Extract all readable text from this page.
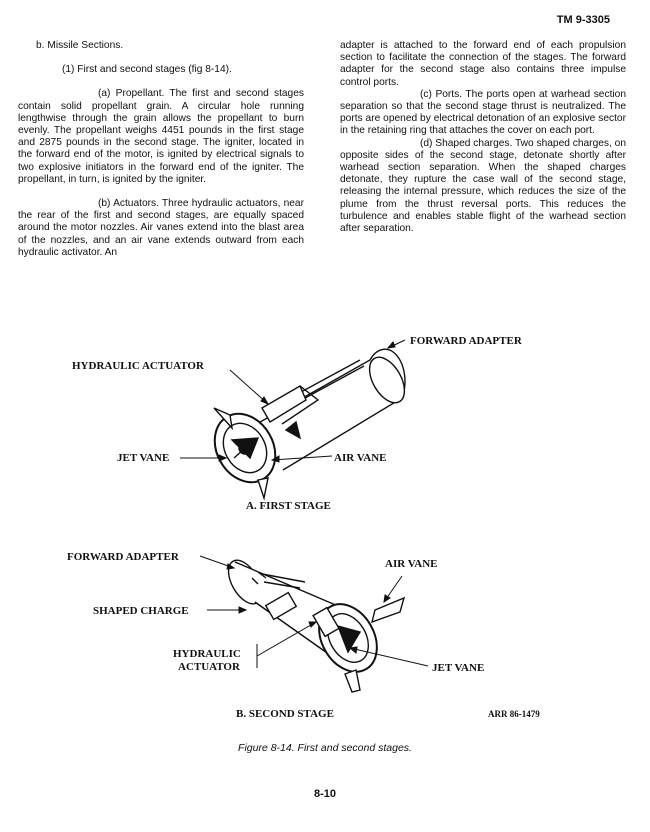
TM 9-3305

b. Missile Sections.

(1) First and second stages (fig 8-14).

(a) Propellant. The first and second stages contain solid propellant grain. A circular hole running lengthwise through the grain allows the propellant to burn evenly. The propellant weighs 4451 pounds in the first stage and 2875 pounds in the second stage. The igniter, located in the forward end of the motor, is ignited by electrical signals to two explosive initiators in the forward end of the igniter. The propellant, in turn, is ignited by the igniter.

(b) Actuators. Three hydraulic actuators, near the rear of the first and second stages, are equally spaced around the motor nozzles. Air vanes extend into the blast area of the nozzles, and an air vane extends outward from each hydraulic activator. An

adapter is attached to the forward end of each propulsion section to facilitate the connection of the stages. The forward adapter for the second stage also contains three impulse control ports.

(c) Ports. The ports open at warhead section separation so that the second stage thrust is neutralized. The ports are opened by electrical detonation of an explosive sector in the retaining ring that attaches the cover on each port.

(d) Shaped charges. Two shaped charges, on opposite sides of the second stage, detonate shortly after warhead section separation. When the shaped charges detonate, they rupture the case wall of the second stage, releasing the internal pressure, which reduces the size of the plume from the thrust reversal ports. This reduces the turbulence and enables stable flight of the warhead section after separation.

FORWARD ADAPTER
HYDRAULIC ACTUATOR
JET VANE	AIR VANE
A. FIRST STAGE
FORWARD ADAPTER
AIR VANE
SHAPED CHARGE
HYDRAULIC
ACTUATOR	JET VANE
B. SECOND STAGE	ARR 86-1479
Figure 8-14. First and second stages.
8-10
